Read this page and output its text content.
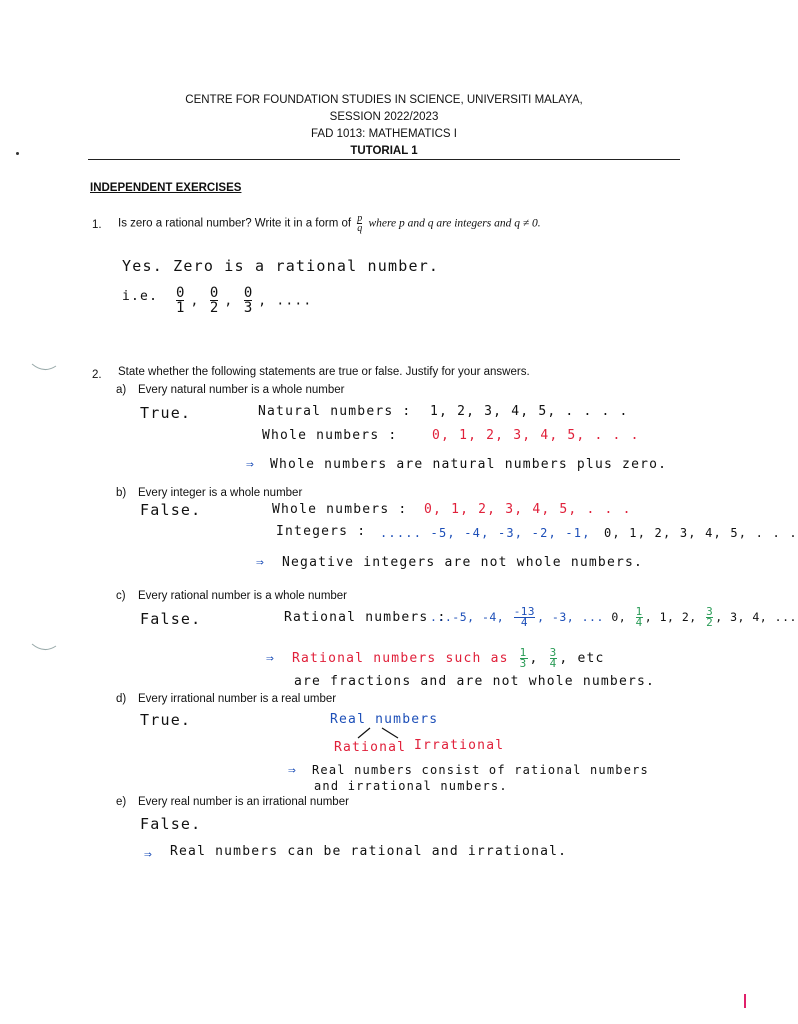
CENTRE FOR FOUNDATION STUDIES IN SCIENCE, UNIVERSITI MALAYA,
SESSION 2022/2023
FAD 1013: MATHEMATICS I
TUTORIAL 1
INDEPENDENT EXERCISES
1. Is zero a rational number? Write it in a form of $\frac{p}{q}$ where p and q are integers and q ≠ 0.
Yes. Zero is a rational number.
i.e. $\frac{0}{1}$ , $\frac{0}{2}$ , $\frac{0}{3}$ , ....
2. State whether the following statements are true or false. Justify for your answers.
a) Every natural number is a whole number
True.	Natural numbers : 1, 2, 3, 4, 5, . . . .
Whole numbers :	0, 1, 2, 3, 4, 5, . . .
⇒ Whole numbers are natural numbers plus zero.
b) Every integer is a whole number
False.	Whole numbers : 0, 1, 2, 3, 4, 5, . . .
Integers : ..... -5, -4, -3, -2, -1, 0, 1, 2, 3, 4, 5, . . .
⇒ Negative integers are not whole numbers.
c) Every rational number is a whole number
False.	Rational numbers :
...-5, -4, $\frac{-13}{4}$ , -3, ... 0, $\frac{1}{4}$ , 1, 2, $\frac{3}{2}$ , 3, 4, ...
⇒ Rational numbers such as $\frac{1}{3}$ , $\frac{3}{4}$ , etc
are fractions and are not whole numbers.
d) Every irrational number is a real umber
True.	Real numbers
Rational Irrational
⇒ Real numbers consist of rational numbers
and irrational numbers.
e) Every real number is an irrational number
False.
⇒ Real numbers can be rational and irrational.
